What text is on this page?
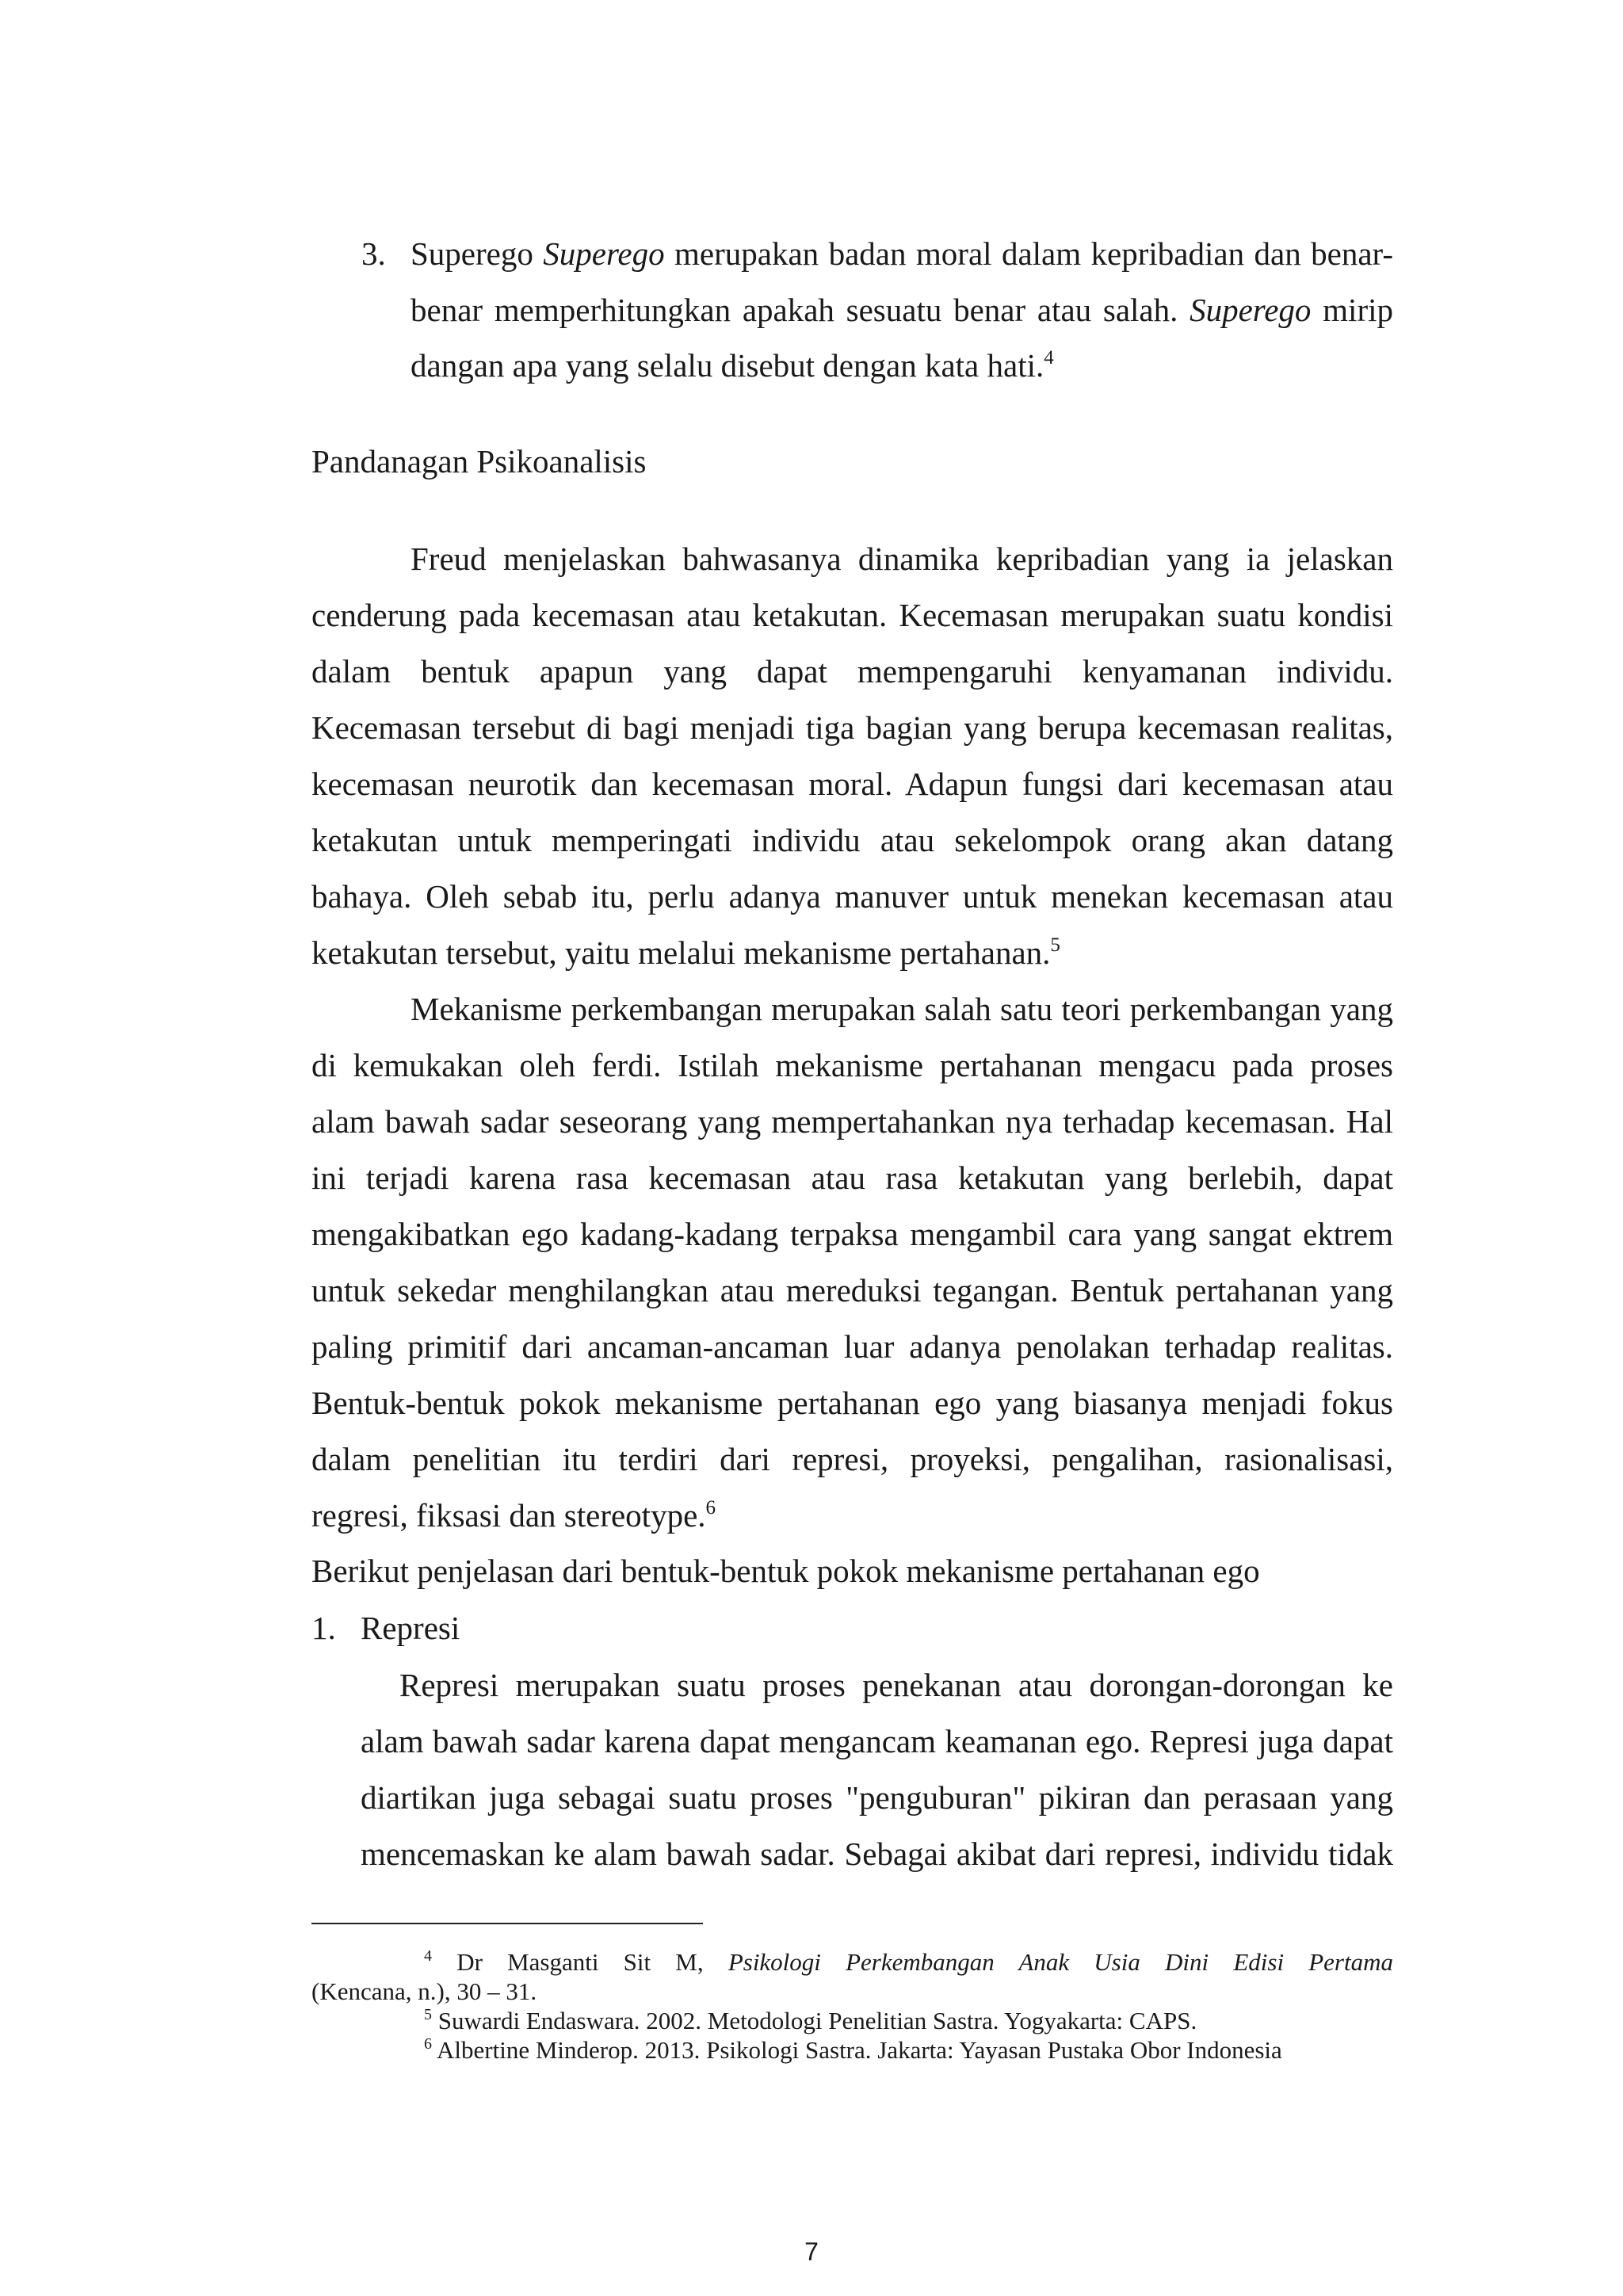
3. Superego Superego merupakan badan moral dalam kepribadian dan benar-
benar memperhitungkan apakah sesuatu benar atau salah. Superego mirip
dangan apa yang selalu disebut dengan kata hati.$^4$
Pandanagan Psikoanalisis
Freud menjelaskan bahwasanya dinamika kepribadian yang ia jelaskan
cenderung pada kecemasan atau ketakutan. Kecemasan merupakan suatu kondisi
dalam bentuk apapun yang dapat mempengaruhi kenyamanan individu.
Kecemasan tersebut di bagi menjadi tiga bagian yang berupa kecemasan realitas,
kecemasan neurotik dan kecemasan moral. Adapun fungsi dari kecemasan atau
ketakutan untuk memperingati individu atau sekelompok orang akan datang
bahaya. Oleh sebab itu, perlu adanya manuver untuk menekan kecemasan atau
ketakutan tersebut, yaitu melalui mekanisme pertahanan.$^5$
Mekanisme perkembangan merupakan salah satu teori perkembangan yang
di kemukakan oleh ferdi. Istilah mekanisme pertahanan mengacu pada proses
alam bawah sadar seseorang yang mempertahankan nya terhadap kecemasan. Hal
ini terjadi karena rasa kecemasan atau rasa ketakutan yang berlebih, dapat
mengakibatkan ego kadang-kadang terpaksa mengambil cara yang sangat ektrem
untuk sekedar menghilangkan atau mereduksi tegangan. Bentuk pertahanan yang
paling primitif dari ancaman-ancaman luar adanya penolakan terhadap realitas.
Bentuk-bentuk pokok mekanisme pertahanan ego yang biasanya menjadi fokus
dalam penelitian itu terdiri dari represi, proyeksi, pengalihan, rasionalisasi,
regresi, fiksasi dan stereotype.$^6$
Berikut penjelasan dari bentuk-bentuk pokok mekanisme pertahanan ego
1. Represi
Represi merupakan suatu proses penekanan atau dorongan-dorongan ke
alam bawah sadar karena dapat mengancam keamanan ego. Represi juga dapat
diartikan juga sebagai suatu proses "penguburan" pikiran dan perasaan yang
mencemaskan ke alam bawah sadar. Sebagai akibat dari represi, individu tidak
$^4$ Dr Masganti Sit M, Psikologi Perkembangan Anak Usia Dini Edisi Pertama
(Kencana, n.), 30 – 31.
$^5$ Suwardi Endaswara. 2002. Metodologi Penelitian Sastra. Yogyakarta: CAPS.
$^6$ Albertine Minderop. 2013. Psikologi Sastra. Jakarta: Yayasan Pustaka Obor Indonesia
7
